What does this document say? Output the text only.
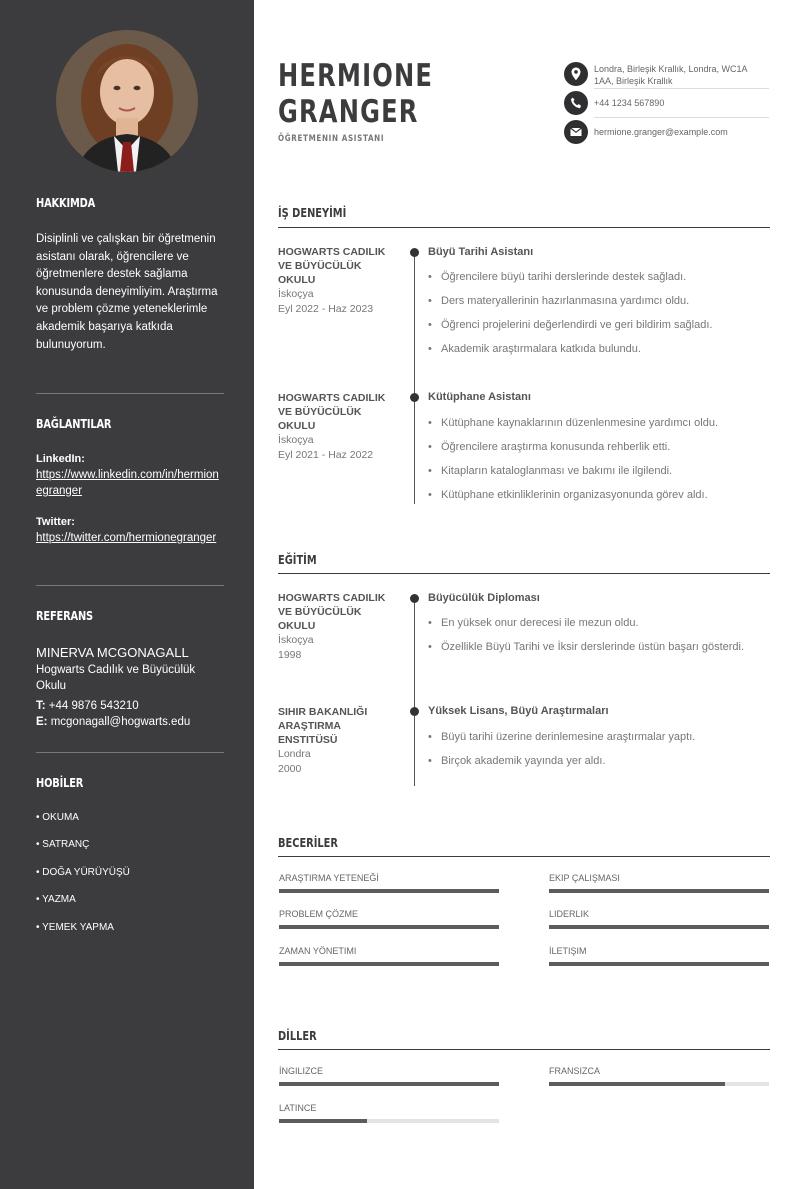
HAKKIMDA
Disiplinli ve çalışkan bir öğretmenin asistanı olarak, öğrencilere ve öğretmenlere destek sağlama konusunda deneyimliyim. Araştırma ve problem çözme yeteneklerimle akademik başarıya katkıda bulunuyorum.
BAĞLANTILAR
LinkedIn:
https://www.linkedin.com/in/hermionegranger
Twitter:
https://twitter.com/hermionegranger
REFERANS
MINERVA MCGONAGALL
Hogwarts Cadılık ve Büyücülük Okulu
T: +44 9876 543210
E: mcgonagall@hogwarts.edu
HOBİLER
• OKUMA
• SATRANÇ
• DOĞA YÜRÜYÜŞÜ
• YAZMA
• YEMEK YAPMA
HERMIONE
GRANGER
ÖĞRETMENIN ASISTANI
Londra, Birleşik Krallık, Londra, WC1A 1AA, Birleşik Krallık
+44 1234 567890
hermione.granger@example.com
İŞ DENEYİMİ
HOGWARTS CADILIK VE BÜYÜCÜLÜK OKULU
İskoçya
Eyl 2022 - Haz 2023
Büyü Tarihi Asistanı
• Öğrencilere büyü tarihi derslerinde destek sağladı.
• Ders materyallerinin hazırlanmasına yardımcı oldu.
• Öğrenci projelerini değerlendirdi ve geri bildirim sağladı.
• Akademik araştırmalara katkıda bulundu.
HOGWARTS CADILIK VE BÜYÜCÜLÜK OKULU
İskoçya
Eyl 2021 - Haz 2022
Kütüphane Asistanı
• Kütüphane kaynaklarının düzenlenmesine yardımcı oldu.
• Öğrencilere araştırma konusunda rehberlik etti.
• Kitapların kataloglanması ve bakımı ile ilgilendi.
• Kütüphane etkinliklerinin organizasyonunda görev aldı.
EĞİTİM
HOGWARTS CADILIK VE BÜYÜCÜLÜK OKULU
İskoçya
1998
Büyücülük Diploması
• En yüksek onur derecesi ile mezun oldu.
• Özellikle Büyü Tarihi ve İksir derslerinde üstün başarı gösterdi.
SIHIR BAKANLIĞI ARAŞTIRMA ENSTITÜSÜ
Londra
2000
Yüksek Lisans, Büyü Araştırmaları
• Büyü tarihi üzerine derinlemesine araştırmalar yaptı.
• Birçok akademik yayında yer aldı.
BECERİLER
ARAŞTIRMA YETENEĞİ	EKIP ÇALIŞMASI
PROBLEM ÇÖZME	LIDERLIK
ZAMAN YÖNETIMI	İLETIŞIM
DİLLER
İNGILIZCE	FRANSIZCA
LATINCE
